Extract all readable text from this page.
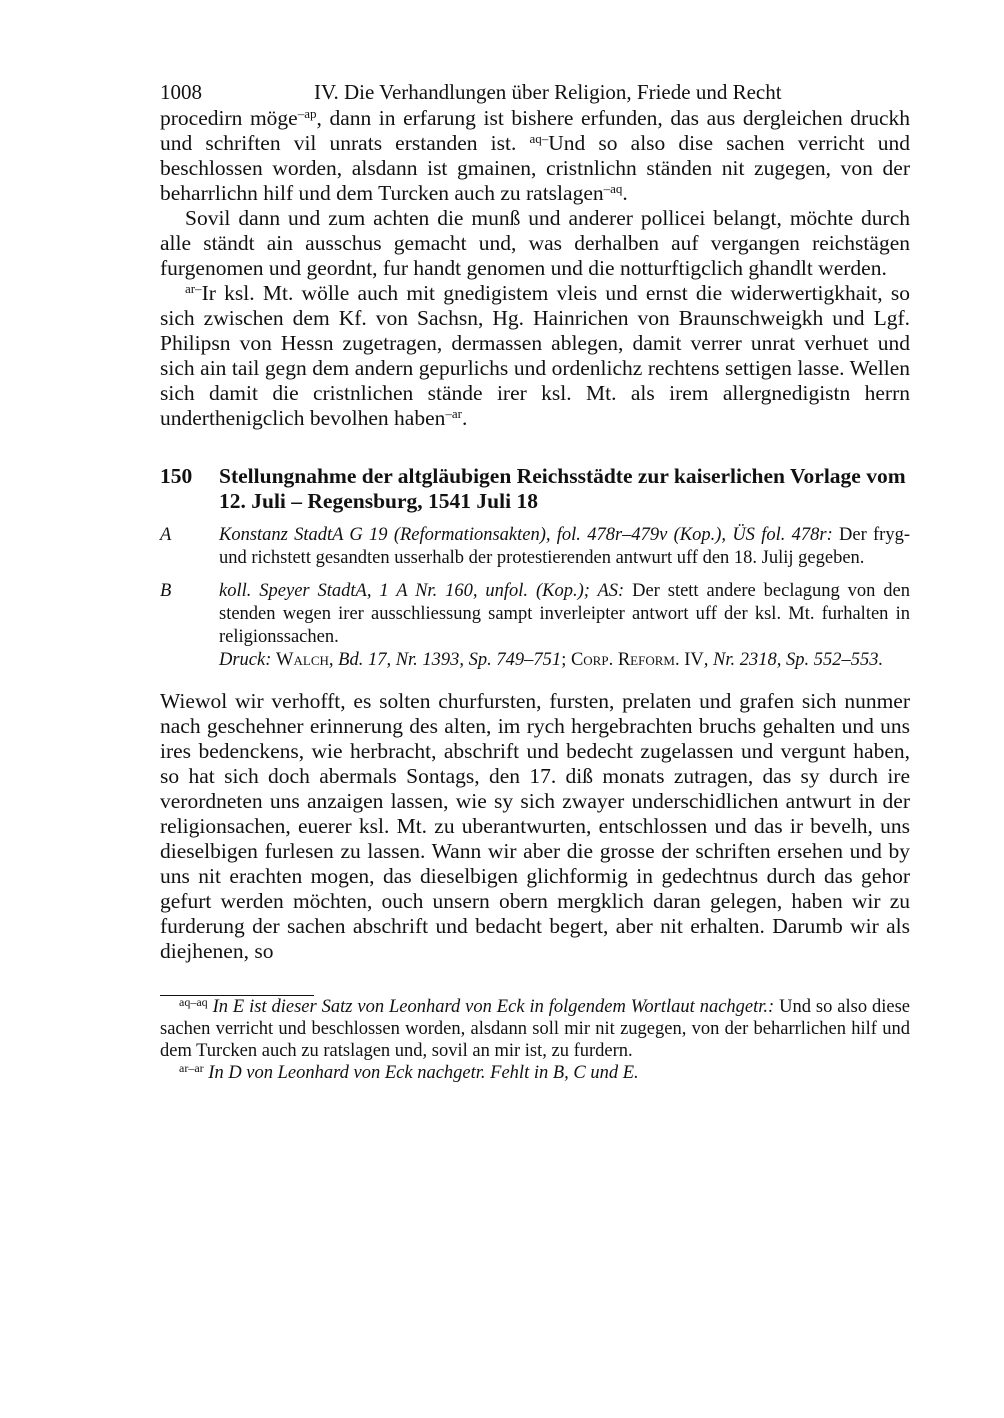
1008	IV. Die Verhandlungen über Religion, Friede und Recht

procedirn möge$^{-ap}$, dann in erfarung ist bishere erfunden, das aus dergleichen druckh und schriften vil unrats erstanden ist. $^{aq-}$Und so also dise sachen verricht und beschlossen worden, alsdann ist gmainen, cristnlichn ständen nit zugegen, von der beharrlichn hilf und dem Turcken auch zu ratslagen$^{-aq}$.

Sovil dann und zum achten die munß und anderer pollicei belangt, möchte durch alle ständt ain ausschus gemacht und, was derhalben auf vergangen reichstägen furgenomen und geordnt, fur handt genomen und die notturftigclich ghandlt werden.

$^{ar-}$Ir ksl. Mt. wölle auch mit gnedigistem vleis und ernst die widerwertigkhait, so sich zwischen dem Kf. von Sachsn, Hg. Hainrichen von Braunschweigkh und Lgf. Philipsn von Hessn zugetragen, dermassen ablegen, damit verrer unrat verhuet und sich ain tail gegn dem andern gepurlichs und ordenlichz rechtens settigen lasse. Wellen sich damit die cristnlichen stände irer ksl. Mt. als irem allergnedigistn herrn underthenigclich bevolhen haben$^{-ar}$.

150	Stellungnahme der altgläubigen Reichsstädte zur kaiserlichen Vorlage vom 12. Juli – Regensburg, 1541 Juli 18
A	Konstanz StadtA G 19 (Reformationsakten), fol. 478r–479v (Kop.), ÜS fol. 478r: Der fryg- und richstett gesandten usserhalb der protestierenden antwurt uff den 18. Julij gegeben.

B	koll. Speyer StadtA, 1 A Nr. 160, unfol. (Kop.); AS: Der stett andere beclagung von den stenden wegen irer ausschliessung sampt inverleipter antwort uff der ksl. Mt. furhalten in religionssachen.

Druck: Walch, Bd. 17, Nr. 1393, Sp. 749–751; Corp. Reform. IV, Nr. 2318, Sp. 552–553.

Wiewol wir verhofft, es solten churfursten, fursten, prelaten und grafen sich nunmer nach geschehner erinnerung des alten, im rych hergebrachten bruchs gehalten und uns ires bedenckens, wie herbracht, abschrift und bedecht zugelassen und vergunt haben, so hat sich doch abermals Sontags, den 17. diß monats zutragen, das sy durch ire verordneten uns anzaigen lassen, wie sy sich zwayer underschidlichen antwurt in der religionsachen, euerer ksl. Mt. zu uberantwurten, entschlossen und das ir bevelh, uns dieselbigen furlesen zu lassen. Wann wir aber die grosse der schriften ersehen und by uns nit erachten mogen, das dieselbigen glichformig in gedechtnus durch das gehor gefurt werden möchten, ouch unsern obern mergklich daran gelegen, haben wir zu furderung der sachen abschrift und bedacht begert, aber nit erhalten. Darumb wir als diejhenen, so

$^{aq-aq}$ In E ist dieser Satz von Leonhard von Eck in folgendem Wortlaut nachgetr.: Und so also diese sachen verricht und beschlossen worden, alsdann soll mir nit zugegen, von der beharrlichen hilf und dem Turcken auch zu ratslagen und, sovil an mir ist, zu furdern.

$^{ar-ar}$ In D von Leonhard von Eck nachgetr. Fehlt in B, C und E.
